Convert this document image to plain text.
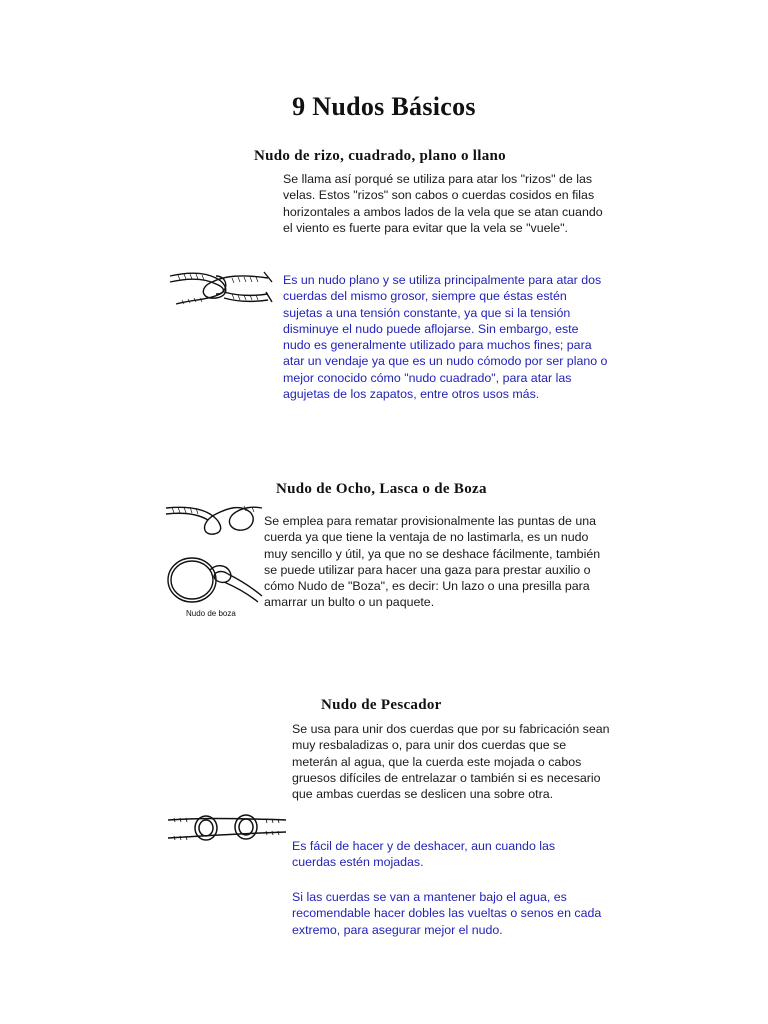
9 Nudos Básicos
Nudo de rizo, cuadrado, plano o llano
Se llama así porqué se utiliza para atar los "rizos" de las velas. Estos "rizos" son cabos o cuerdas cosidos en filas horizontales a ambos lados de la vela que se atan cuando el viento es fuerte para evitar que la vela se "vuele".
Es un nudo plano y se utiliza principalmente para atar dos cuerdas del mismo grosor, siempre que éstas estén sujetas a una tensión constante, ya que si la tensión disminuye el nudo puede aflojarse. Sin embargo, este nudo es generalmente utilizado para muchos fines; para atar un vendaje ya que es un nudo cómodo por ser plano o mejor conocido cómo "nudo cuadrado", para atar las agujetas de los zapatos, entre otros usos más.
Nudo de Ocho, Lasca o de Boza
Nudo de boza
Se emplea para rematar provisionalmente las puntas de una cuerda ya que tiene la ventaja de no lastimarla, es un nudo muy sencillo y útil, ya que no se deshace fácilmente, también se puede utilizar para hacer una gaza para prestar auxilio o cómo Nudo de "Boza", es decir: Un lazo o una presilla para amarrar un bulto o un paquete.
Nudo de Pescador
Se usa para unir dos cuerdas que por su fabricación sean muy resbaladizas o, para unir dos cuerdas que se meterán al agua, que la cuerda este mojada o cabos gruesos difíciles de entrelazar o también si es necesario que ambas cuerdas se deslicen una sobre otra.
Es fácil de hacer y de deshacer, aun cuando las cuerdas estén mojadas.
Si las cuerdas se van a mantener bajo el agua, es recomendable hacer dobles las vueltas o senos en cada extremo, para asegurar mejor el nudo.
